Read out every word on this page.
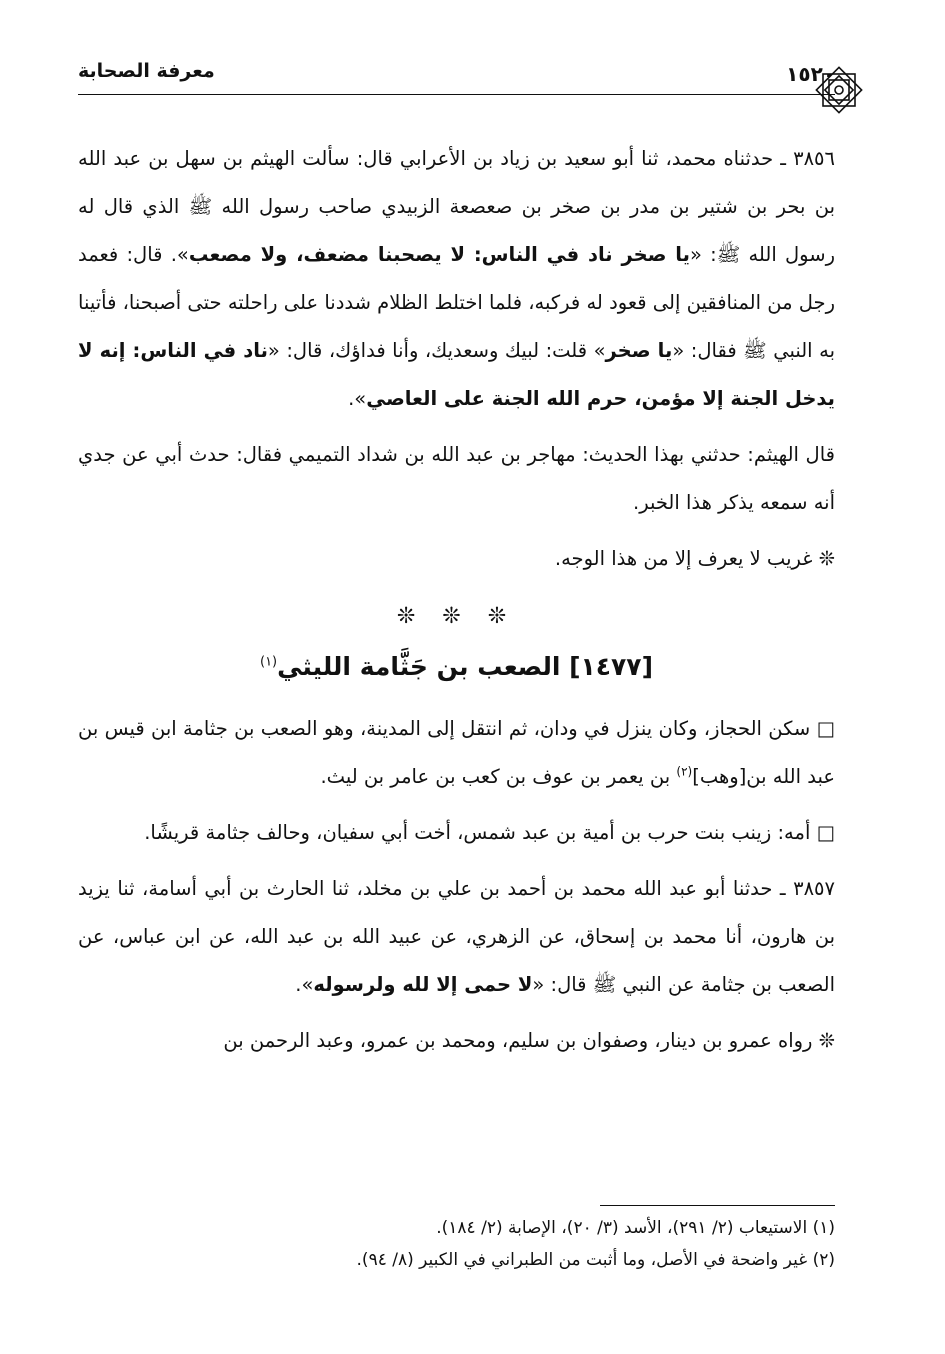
١٥٢٠
معرفة الصحابة

٣٨٥٦ ـ حدثناه محمد، ثنا أبو سعيد بن زياد بن الأعرابي قال: سألت الهيثم بن سهل بن عبد الله بن بحر بن شتير بن مدر بن صخر بن صعصعة الزبيدي صاحب رسول الله ﷺ الذي قال له رسول الله ﷺ: «يا صخر ناد في الناس: لا يصحبنا مضعف، ولا مصعب». قال: فعمد رجل من المنافقين إلى قعود له فركبه، فلما اختلط الظلام شددنا على راحلته حتى أصبحنا، فأتينا به النبي ﷺ فقال: «يا صخر» قلت: لبيك وسعديك، وأنا فداؤك، قال: «ناد في الناس: إنه لا يدخل الجنة إلا مؤمن، حرم الله الجنة على العاصي».

قال الهيثم: حدثني بهذا الحديث: مهاجر بن عبد الله بن شداد التميمي فقال: حدث أبي عن جدي أنه سمعه يذكر هذا الخبر.

❊ غريب لا يعرف إلا من هذا الوجه.

❊ ❊ ❊

[١٤٧٧] الصعب بن جَثَّامة الليثي$^{(١)}$

□ سكن الحجاز، وكان ينزل في ودان، ثم انتقل إلى المدينة، وهو الصعب بن جثامة ابن قيس بن عبد الله بن[وهب]$^{(٢)}$ بن يعمر بن عوف بن كعب بن عامر بن ليث.

□ أمه: زينب بنت حرب بن أمية بن عبد شمس، أخت أبي سفيان، وحالف جثامة قريشًا.

٣٨٥٧ ـ حدثنا أبو عبد الله محمد بن أحمد بن علي بن مخلد، ثنا الحارث بن أبي أسامة، ثنا يزيد بن هارون، أنا محمد بن إسحاق، عن الزهري، عن عبيد الله بن عبد الله، عن ابن عباس، عن الصعب بن جثامة عن النبي ﷺ قال: «لا حمى إلا لله ولرسوله».

❊ رواه عمرو بن دينار، وصفوان بن سليم، ومحمد بن عمرو، وعبد الرحمن بن

(١) الاستيعاب (٢/ ٢٩١)، الأسد (٣/ ٢٠)، الإصابة (٢/ ١٨٤).

(٢) غير واضحة في الأصل، وما أثبت من الطبراني في الكبير (٨/ ٩٤).
